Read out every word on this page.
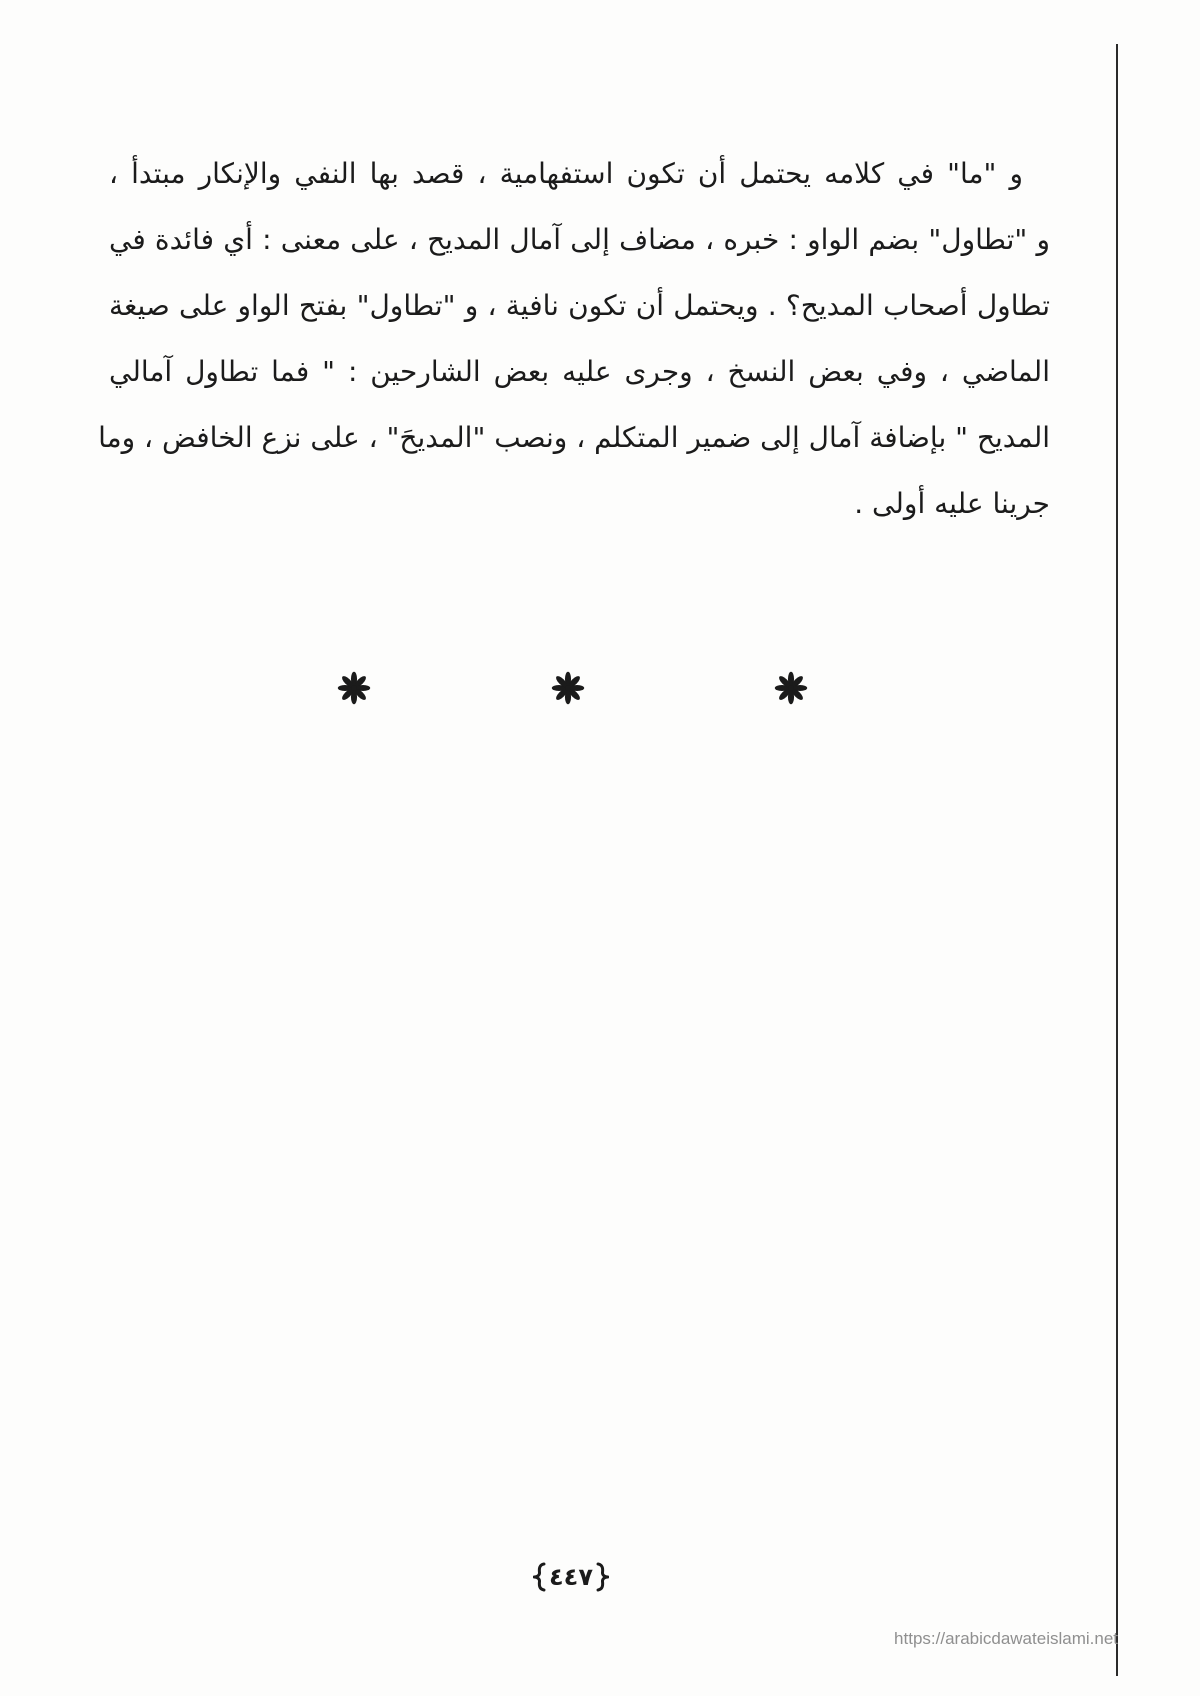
و "ما" في كلامه يحتمل أن تكون استفهامية ، قصد بها النفي والإنكار مبتدأ ،
و "تطاول" بضم الواو : خبره ، مضاف إلى آمال المديح ، على معنى : أي فائدة في
تطاول أصحاب المديح؟ . ويحتمل أن تكون نافية ، و "تطاول" بفتح الواو على صيغة
الماضي ، وفي بعض النسخ ، وجرى عليه بعض الشارحين : " فما تطاول آمالي
المديح " بإضافة آمال إلى ضمير المتكلم ، ونصب "المديحَ" ، على نزع الخافض ، وما
جرينا عليه أولى .
٤٤٧
https://arabicdawateislami.net
